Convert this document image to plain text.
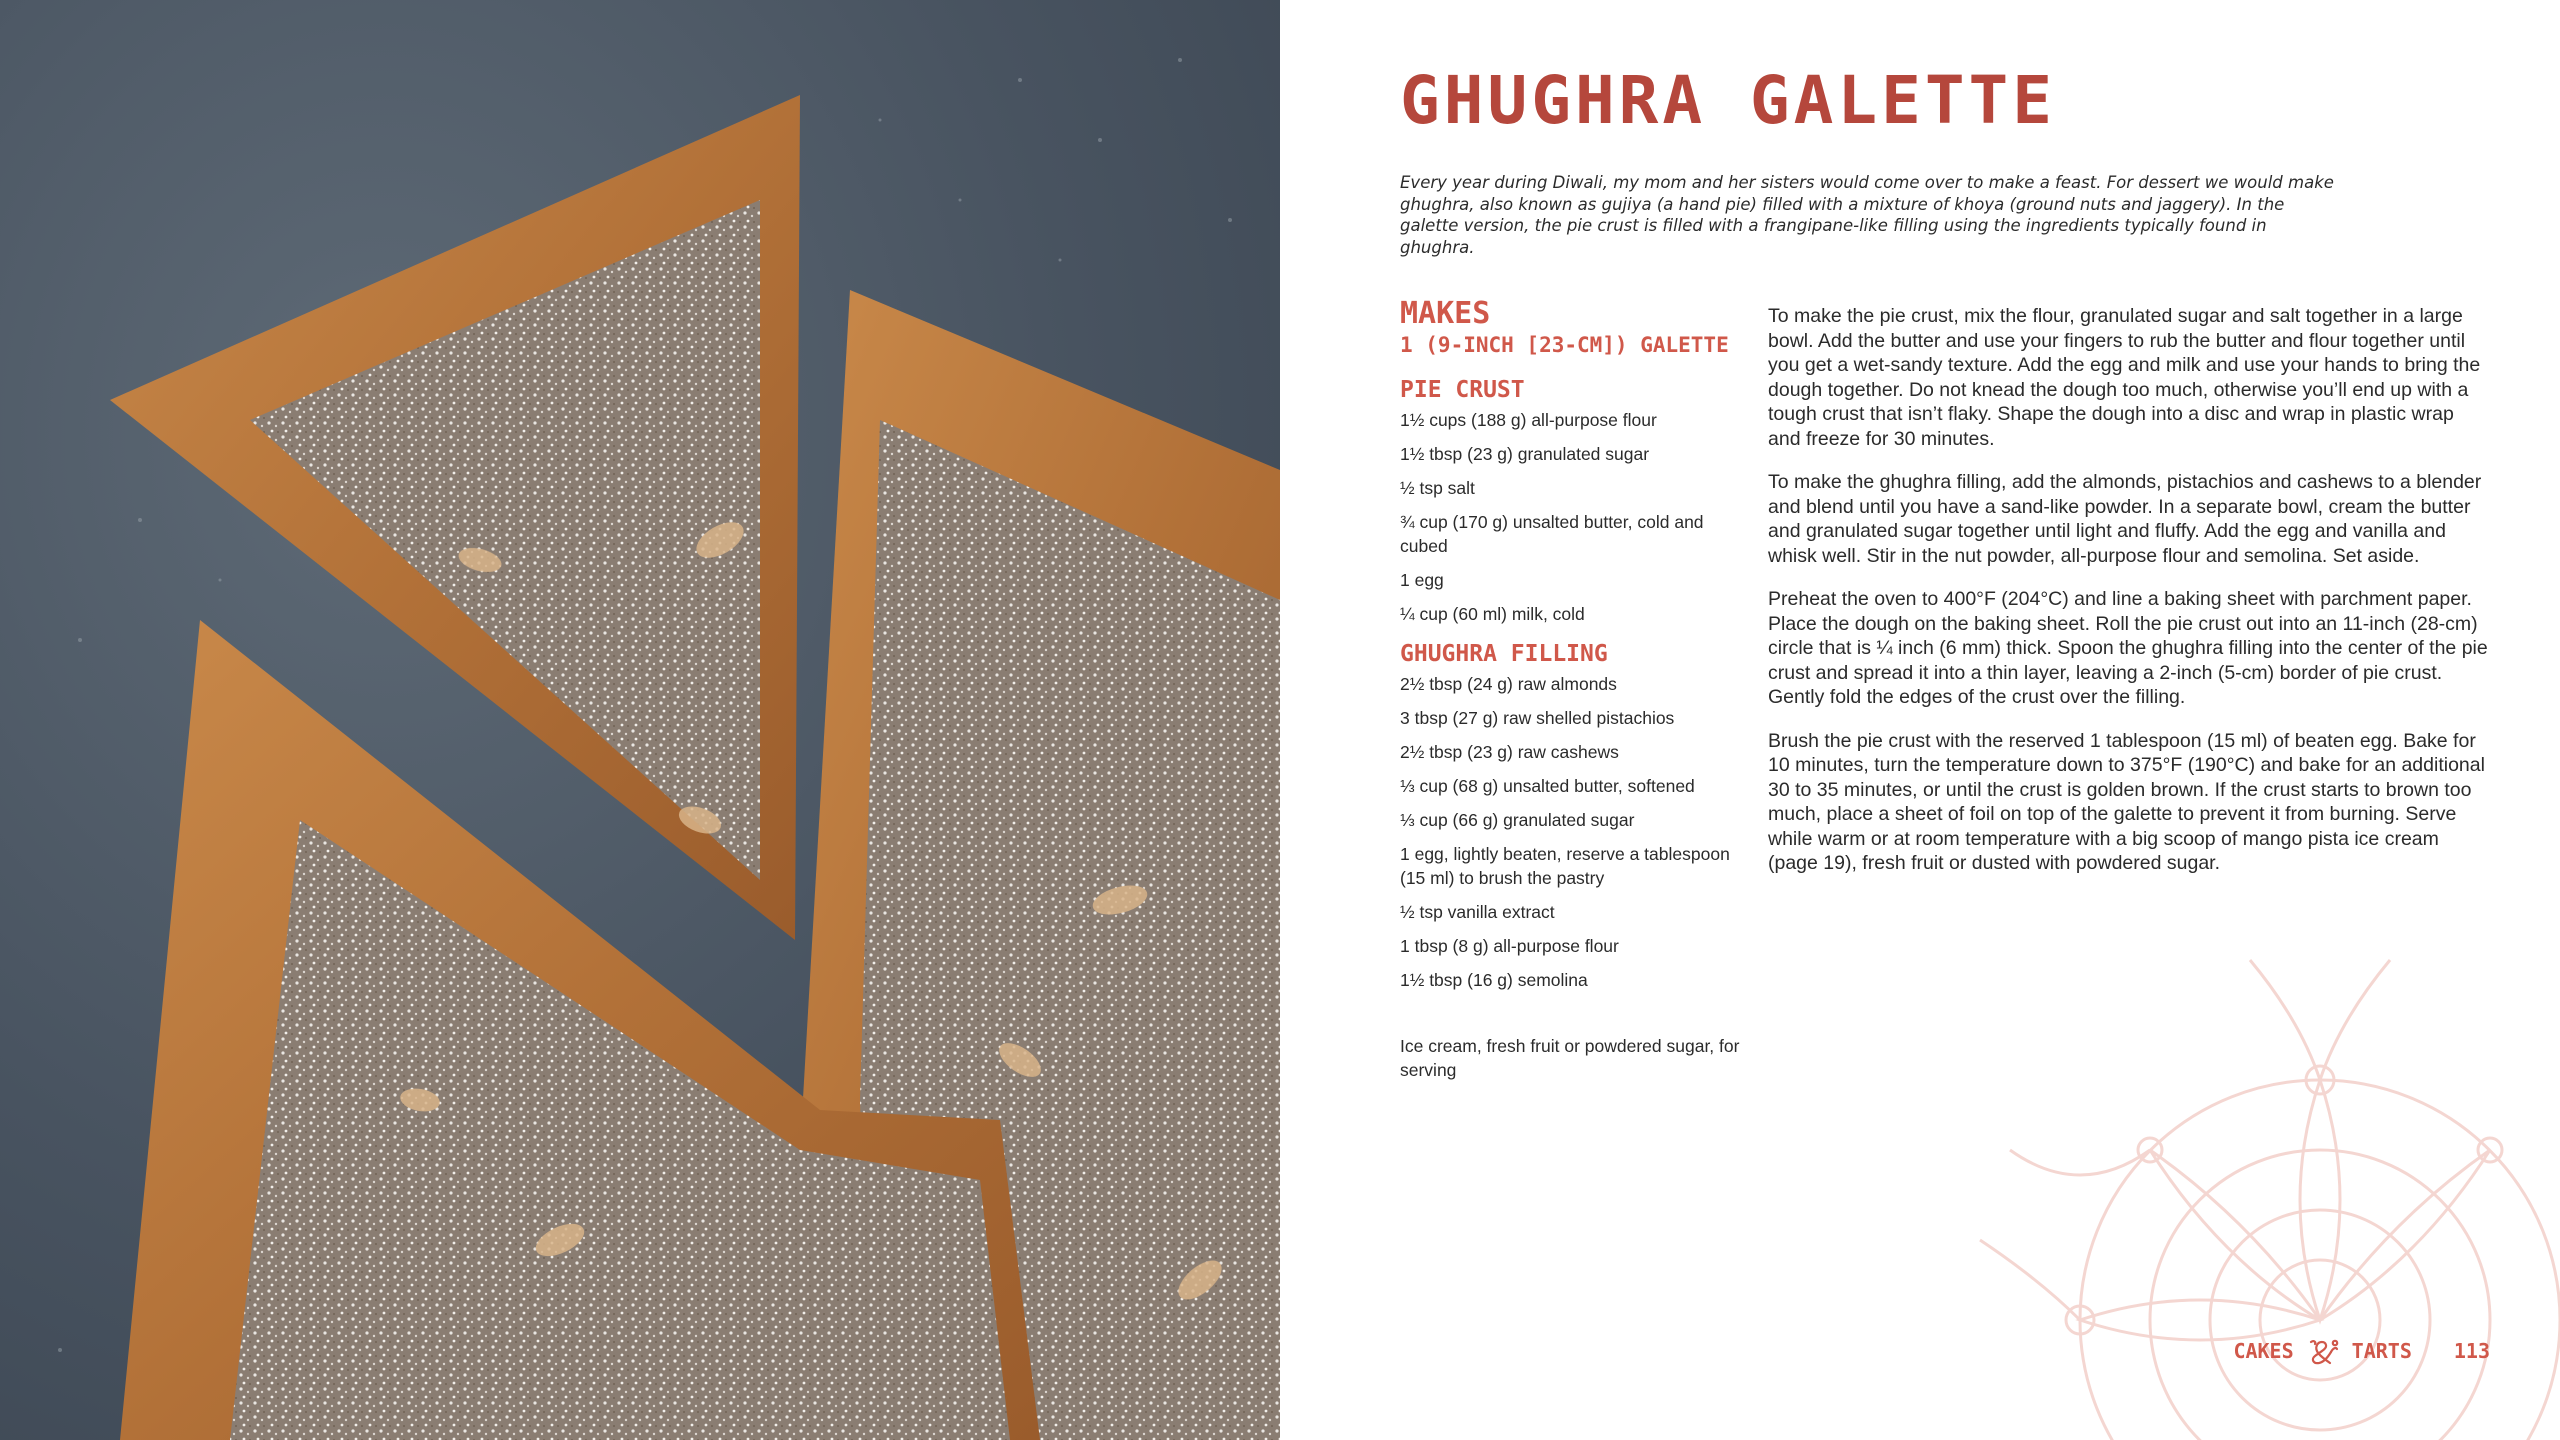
GHUGHRA GALETTE

Every year during Diwali, my mom and her sisters would come over to make a feast. For dessert we would make ghughra, also known as gujiya (a hand pie) filled with a mixture of khoya (ground nuts and jaggery). In the galette version, the pie crust is filled with a frangipane-like filling using the ingredients typically found in ghughra.

MAKES
1 (9-INCH [23-CM]) GALETTE
PIE CRUST
1½ cups (188 g) all-purpose flour
1½ tbsp (23 g) granulated sugar
½ tsp salt
¾ cup (170 g) unsalted butter, cold and cubed
1 egg
¼ cup (60 ml) milk, cold
GHUGHRA FILLING
2½ tbsp (24 g) raw almonds
3 tbsp (27 g) raw shelled pistachios
2½ tbsp (23 g) raw cashews
⅓ cup (68 g) unsalted butter, softened
⅓ cup (66 g) granulated sugar
1 egg, lightly beaten, reserve a tablespoon (15 ml) to brush the pastry
½ tsp vanilla extract
1 tbsp (8 g) all-purpose flour
1½ tbsp (16 g) semolina
Ice cream, fresh fruit or powdered sugar, for serving

To make the pie crust, mix the flour, granulated sugar and salt together in a large bowl. Add the butter and use your fingers to rub the butter and flour together until you get a wet-sandy texture. Add the egg and milk and use your hands to bring the dough together. Do not knead the dough too much, otherwise you’ll end up with a tough crust that isn’t flaky. Shape the dough into a disc and wrap in plastic wrap and freeze for 30 minutes.

To make the ghughra filling, add the almonds, pistachios and cashews to a blender and blend until you have a sand-like powder. In a separate bowl, cream the butter and granulated sugar together until light and fluffy. Add the egg and vanilla and whisk well. Stir in the nut powder, all-purpose flour and semolina. Set aside.

Preheat the oven to 400°F (204°C) and line a baking sheet with parchment paper. Place the dough on the baking sheet. Roll the pie crust out into an 11-inch (28-cm) circle that is ¼ inch (6 mm) thick. Spoon the ghughra filling into the center of the pie crust and spread it into a thin layer, leaving a 2-inch (5-cm) border of pie crust. Gently fold the edges of the crust over the filling.

Brush the pie crust with the reserved 1 tablespoon (15 ml) of beaten egg. Bake for 10 minutes, turn the temperature down to 375°F (190°C) and bake for an additional 30 to 35 minutes, or until the crust is golden brown. If the crust starts to brown too much, place a sheet of foil on top of the galette to prevent it from burning. Serve while warm or at room temperature with a big scoop of mango pista ice cream (page 19), fresh fruit or dusted with powdered sugar.

CAKES	TARTS 113
